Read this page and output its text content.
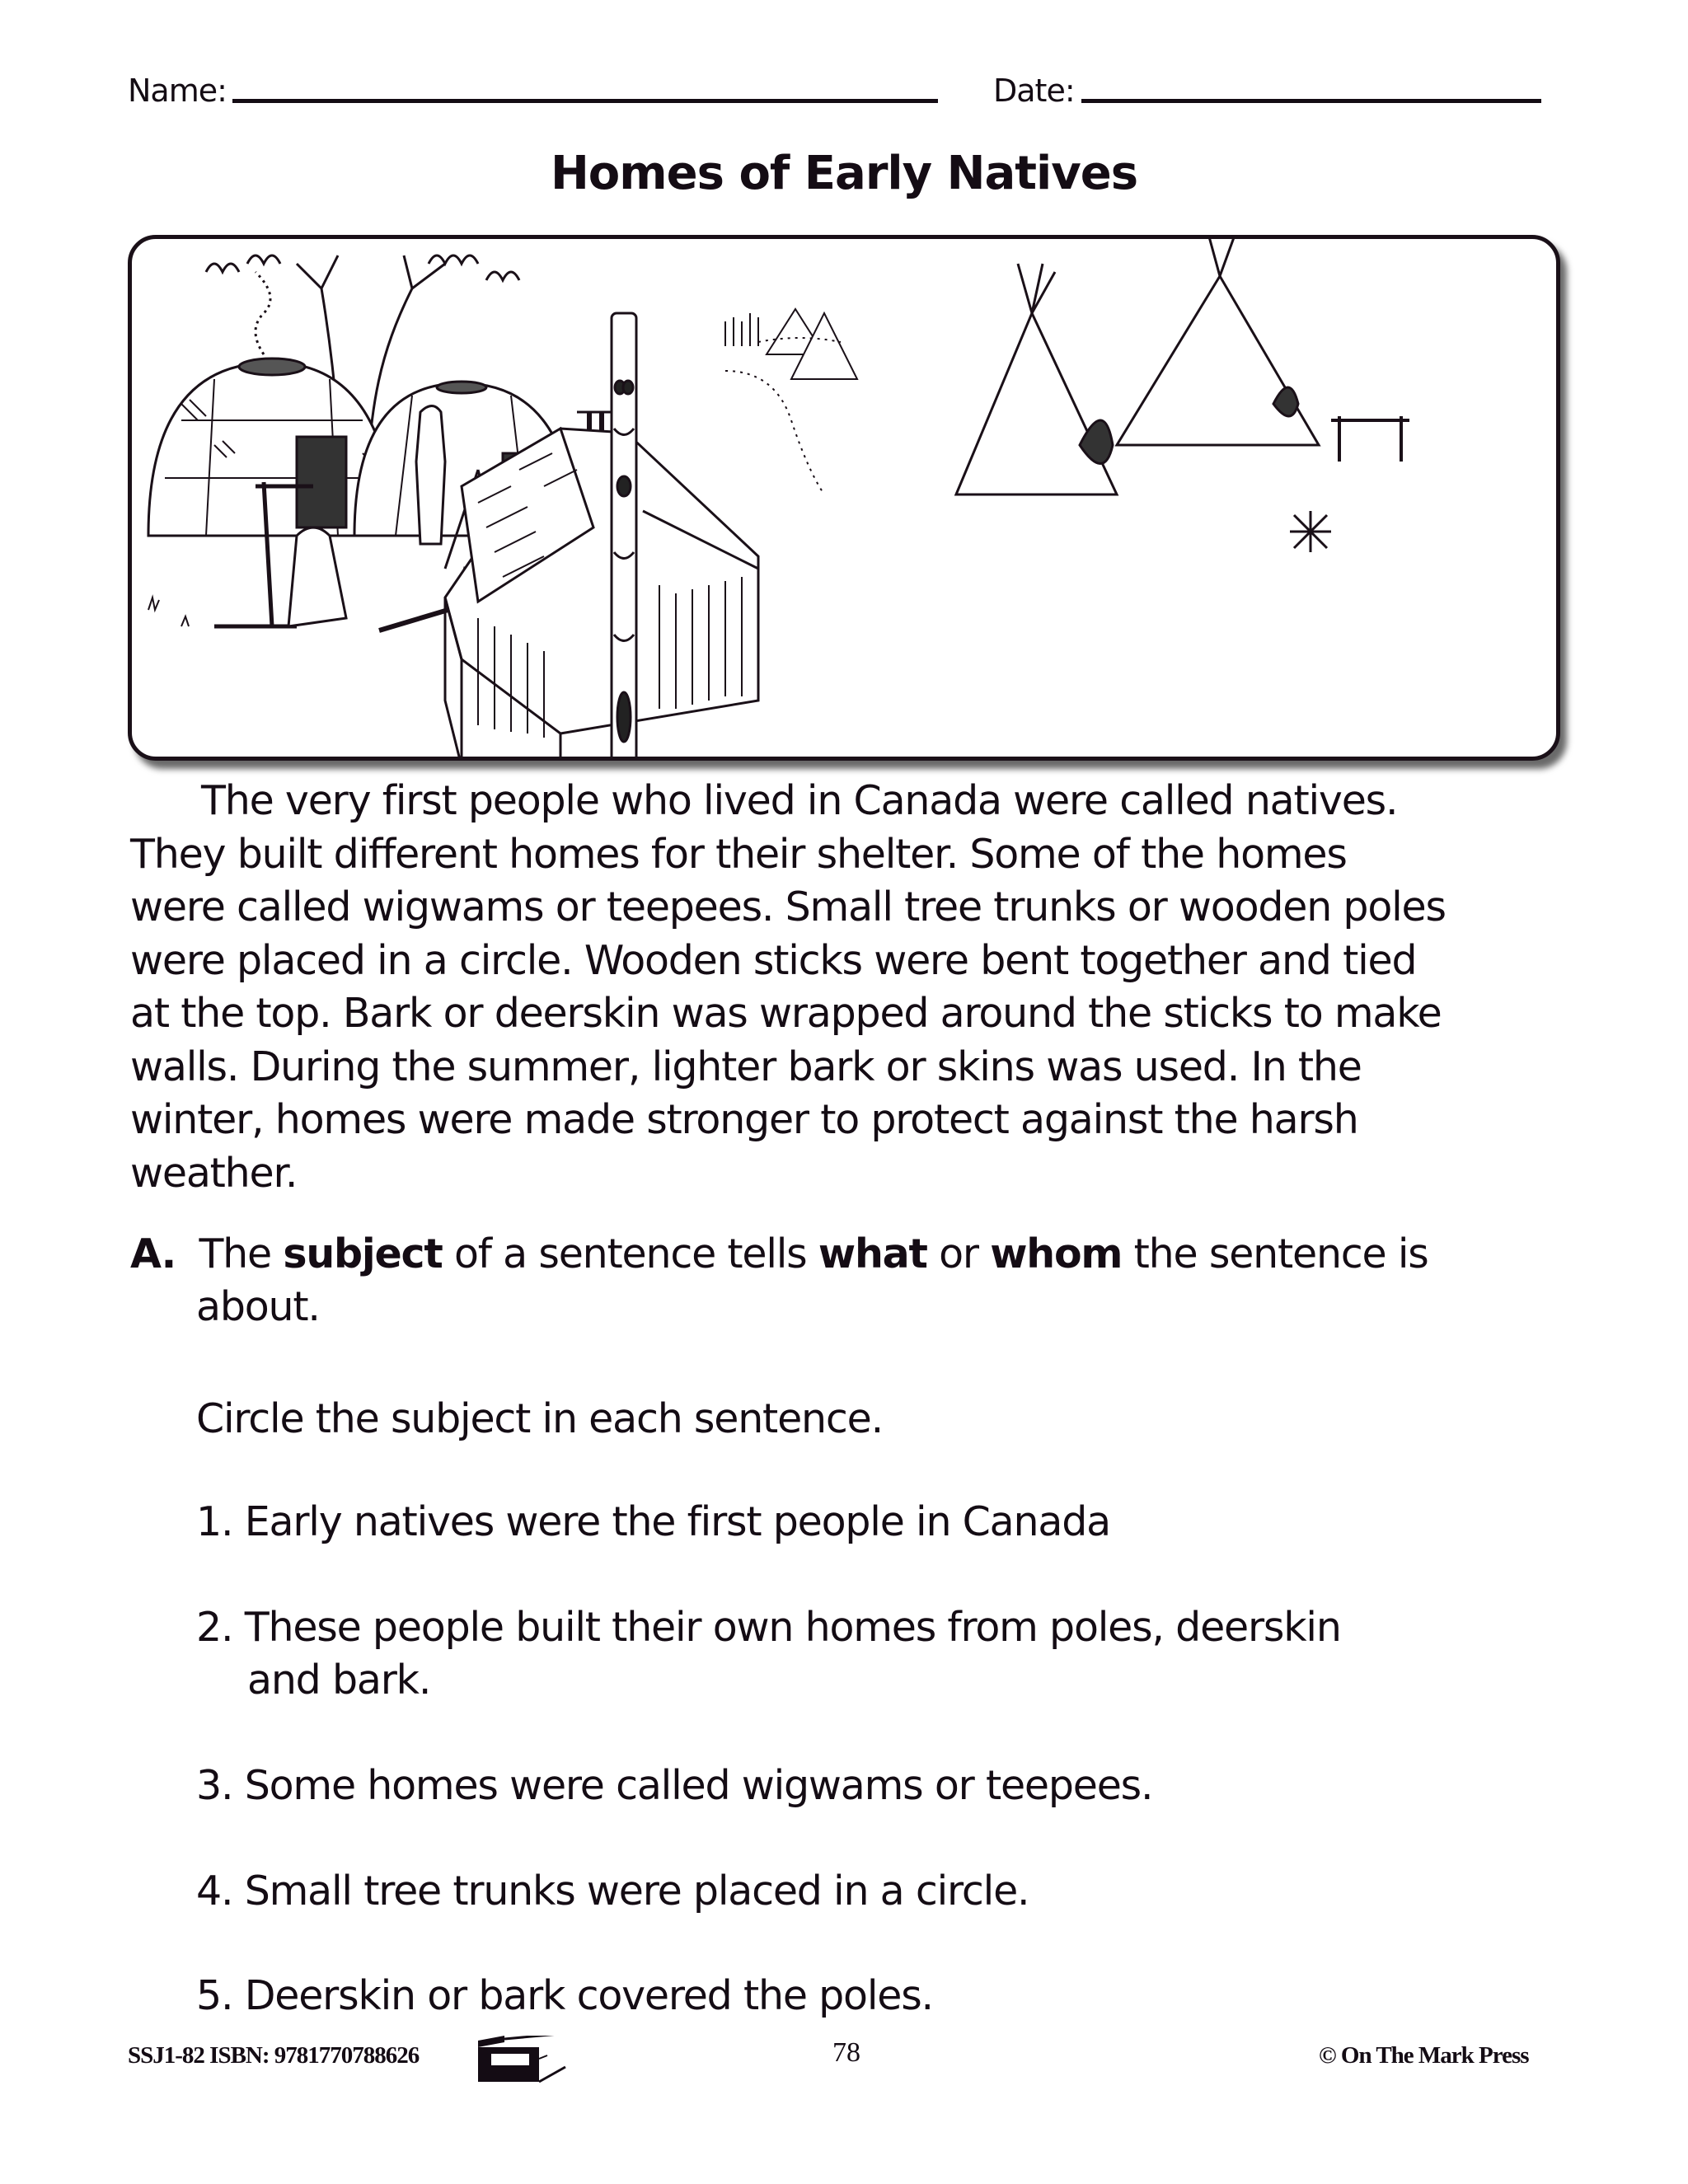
Name:	Date:
Homes of Early Natives
The very first people who lived in Canada were called natives.
They built different homes for their shelter. Some of the homes
were called wigwams or teepees. Small tree trunks or wooden poles
were placed in a circle. Wooden sticks were bent together and tied
at the top. Bark or deerskin was wrapped around the sticks to make
walls. During the summer, lighter bark or skins was used. In the
winter, homes were made stronger to protect against the harsh
weather.
A. The subject of a sentence tells what or whom the sentence is
about.
Circle the subject in each sentence.
1. Early natives were the first people in Canada
2. These people built their own homes from poles, deerskin
and bark.
3. Some homes were called wigwams or teepees.
4. Small tree trunks were placed in a circle.
5. Deerskin or bark covered the poles.
SSJ1-82 ISBN: 9781770788626	78	© On The Mark Press
